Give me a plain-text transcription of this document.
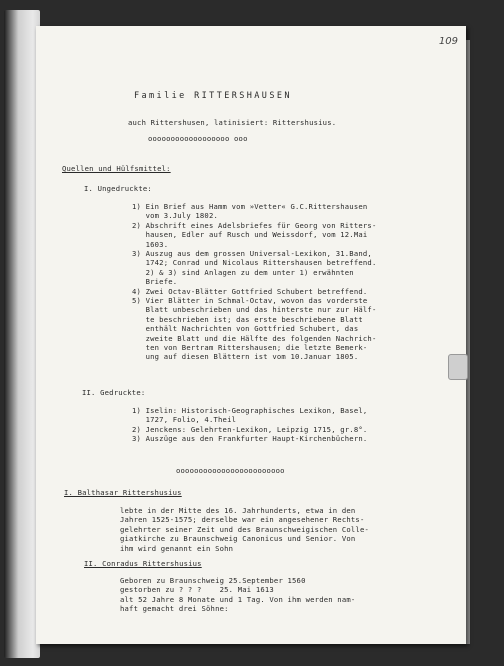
109
Familie RITTERSHAUSEN
auch Rittershusen, latinisiert: Rittershusius.
oooooooooooooooooo ooo
Quellen und Hülfsmittel:
I. Ungedruckte:
1) Ein Brief aus Hamm vom »Vetter« G.C.Rittershausen
vom 3.July 1802.
2) Abschrift eines Adelsbriefes für Georg von Ritters-
hausen, Edler auf Rusch und Weissdorf, vom 12.Mai
1603.
3) Auszug aus dem grossen Universal-Lexikon, 31.Band,
1742; Conrad und Nicolaus Rittershausen betreffend.
2) & 3) sind Anlagen zu dem unter 1) erwähnten
Briefe.
4) Zwei Octav-Blätter Gottfried Schubert betreffend.
5) Vier Blätter in Schmal-Octav, wovon das vorderste
Blatt unbeschrieben und das hinterste nur zur Hälf-
te beschrieben ist; das erste beschriebene Blatt
enthält Nachrichten von Gottfried Schubert, das
zweite Blatt und die Hälfte des folgenden Nachrich-
ten von Bertram Rittershausen; die letzte Bemerk-
ung auf diesen Blättern ist vom 10.Januar 1805.
II. Gedruckte:
1) Iselin: Historisch-Geographisches Lexikon, Basel,
1727, Folio, 4.Theil
2) Jenckens: Gelehrten-Lexikon, Leipzig 1715, gr.8°.
3) Auszüge aus den Frankfurter Haupt-Kirchenbüchern.
oooooooooooooooooooooooo
I. Balthasar Rittershusius
lebte in der Mitte des 16. Jahrhunderts, etwa in den
Jahren 1525-1575; derselbe war ein angesehener Rechts-
gelehrter seiner Zeit und des Braunschweigischen Colle-
giatkirche zu Braunschweig Canonicus und Senior. Von
ihm wird genannt ein Sohn
II. Conradus Rittershusius
Geboren zu Braunschweig 25.September 1560
gestorben zu ? ? ?    25. Mai 1613
alt 52 Jahre 8 Monate und 1 Tag. Von ihm werden nam-
haft gemacht drei Söhne:
